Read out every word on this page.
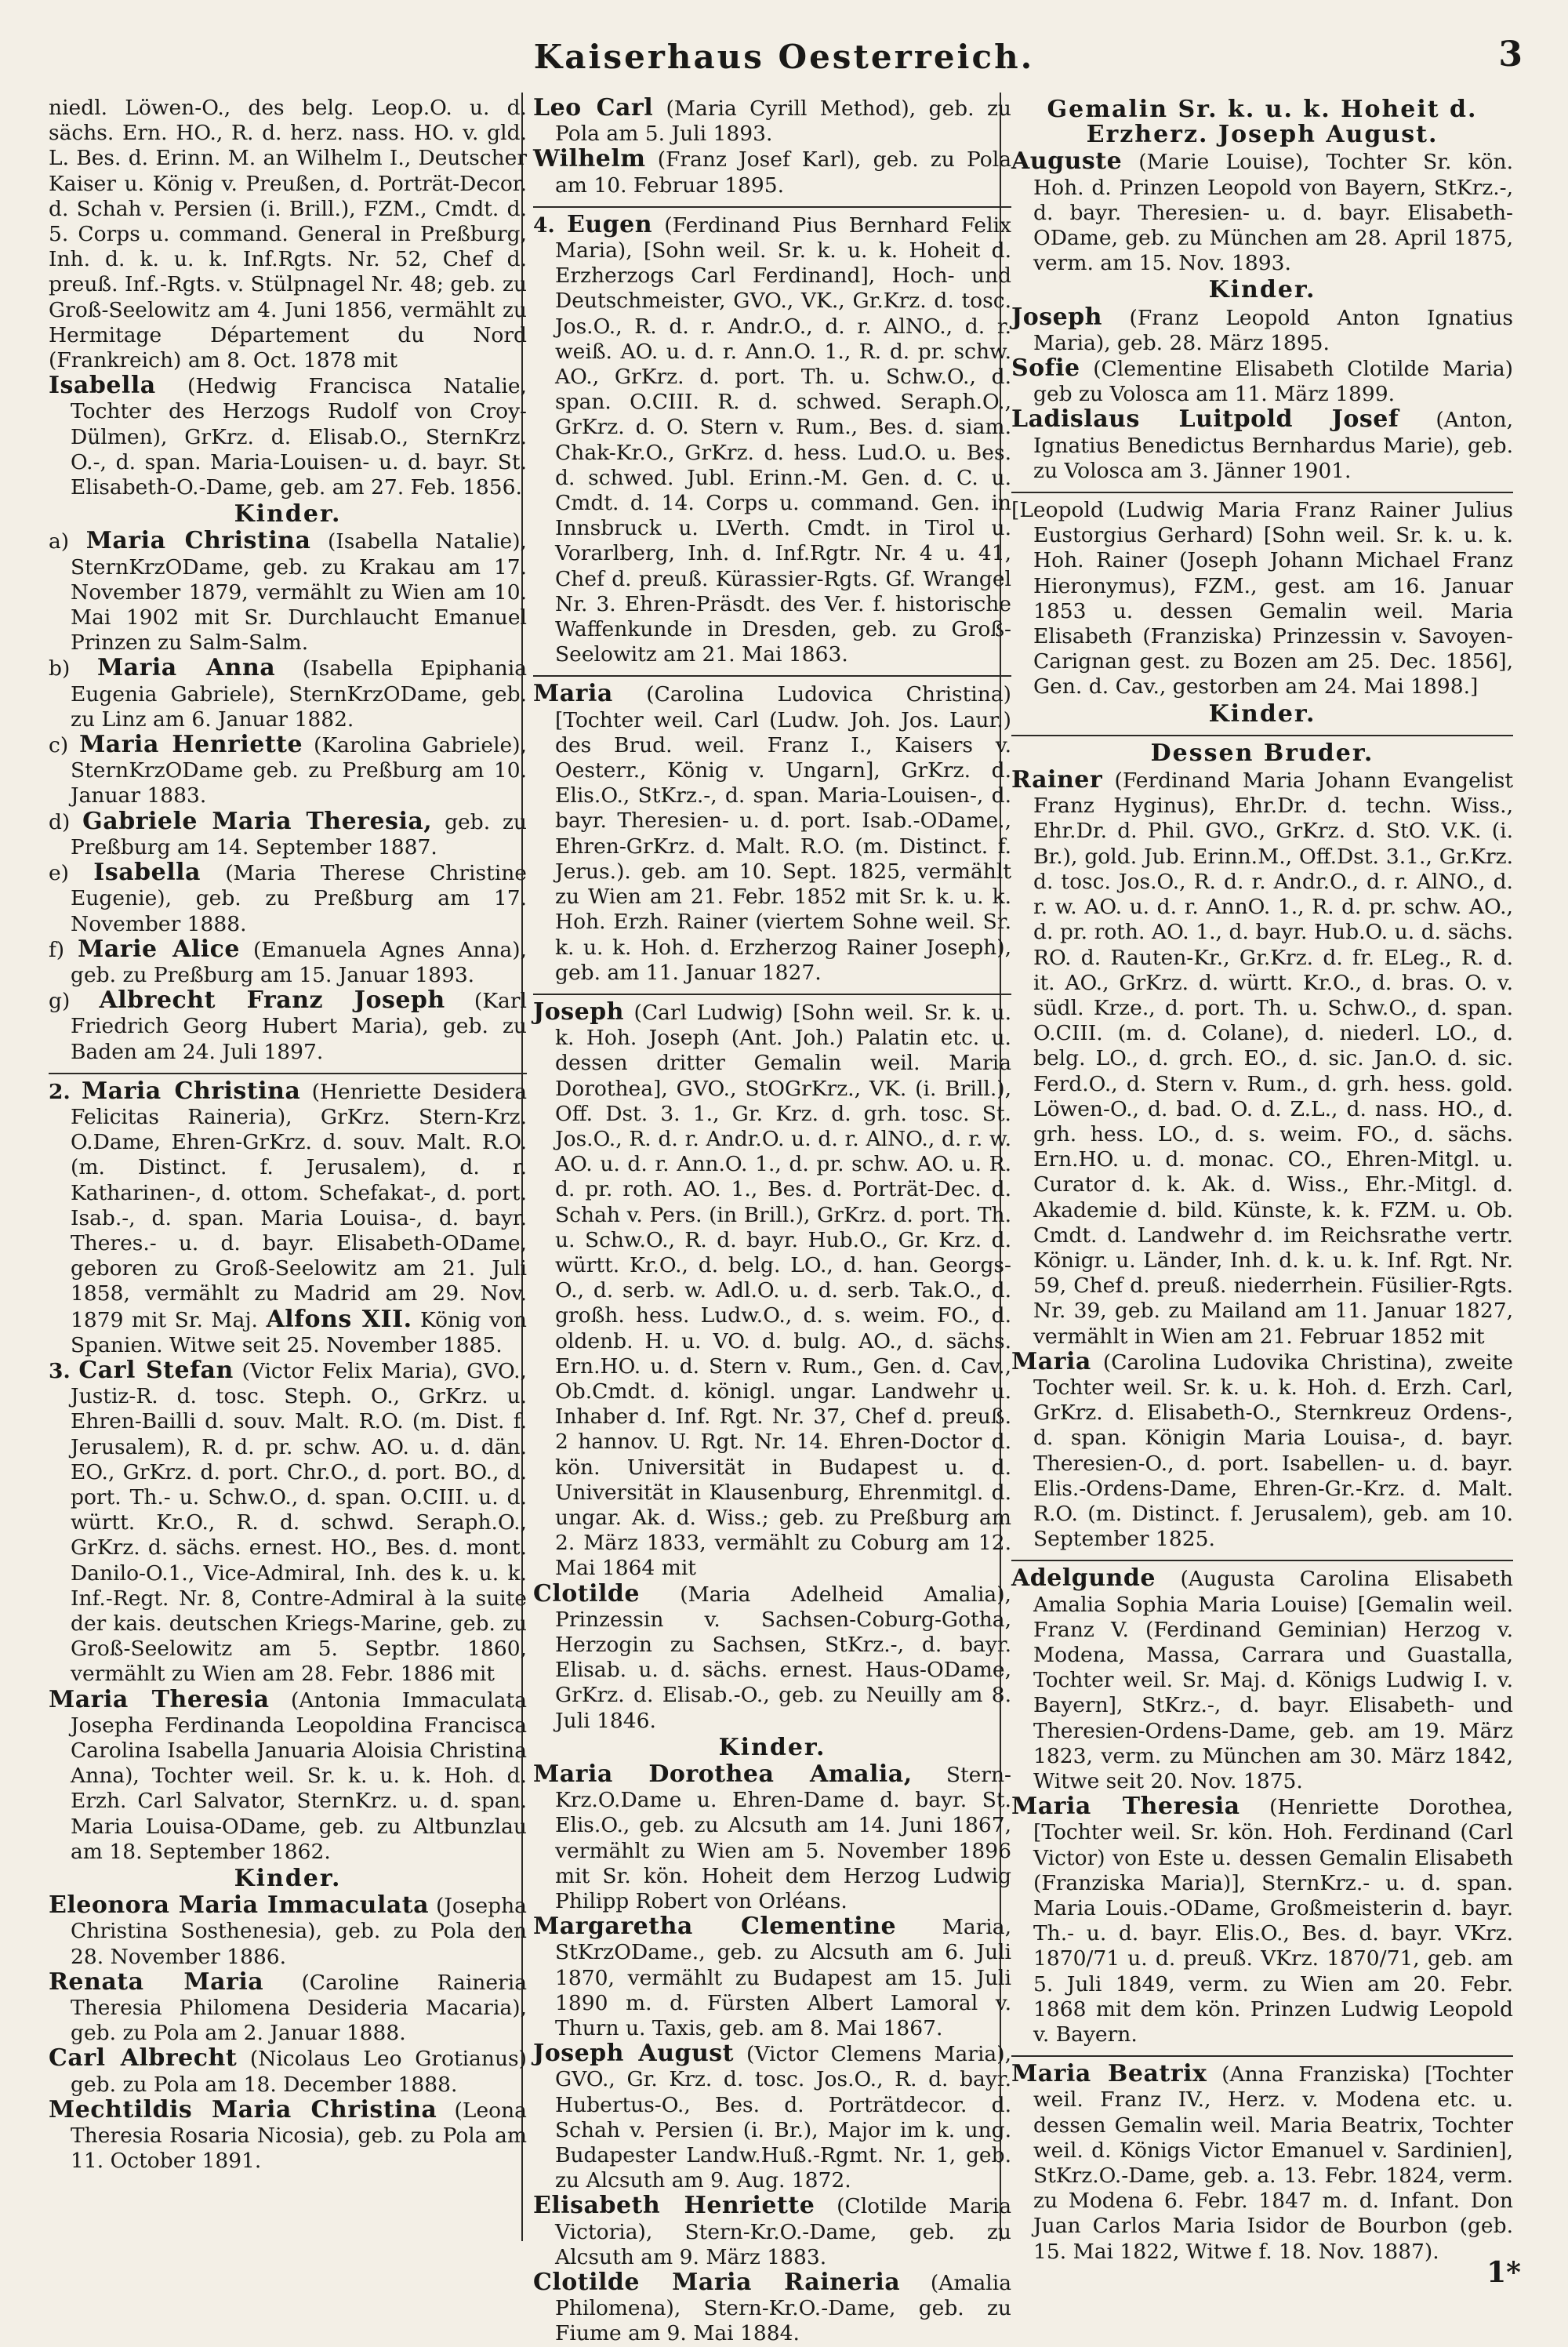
Kaiserhaus Oesterreich.	3

niedl. Löwen-O., des belg. Leop.O. u. d. sächs. Ern. HO., R. d. herz. nass. HO. v. gld. L. Bes. d. Erinn. M. an Wilhelm I., Deutscher Kaiser u. König v. Preußen, d. Porträt-Decor. d. Schah v. Persien (i. Brill.), FZM., Cmdt. d. 5. Corps u. command. General in Preßburg, Inh. d. k. u. k. Inf.Rgts. Nr. 52, Chef d. preuß. Inf.-Rgts. v. Stülpnagel Nr. 48; geb. zu Groß-Seelowitz am 4. Juni 1856, vermählt zu Hermitage Département du Nord (Frankreich) am 8. Oct. 1878 mit

Isabella (Hedwig Francisca Natalie, Tochter des Herzogs Rudolf von Croy-Dülmen), GrKrz. d. Elisab.O., SternKrz. O.-, d. span. Maria-Louisen- u. d. bayr. St. Elisabeth-O.-Dame, geb. am 27. Feb. 1856.

Kinder.

a) Maria Christina (Isabella Natalie), SternKrzODame, geb. zu Krakau am 17. November 1879, vermählt zu Wien am 10. Mai 1902 mit Sr. Durchlaucht Emanuel Prinzen zu Salm-Salm.

b) Maria Anna (Isabella Epiphania Eugenia Gabriele), SternKrzODame, geb. zu Linz am 6. Januar 1882.

c) Maria Henriette (Karolina Gabriele), SternKrzODame geb. zu Preßburg am 10. Januar 1883.

d) Gabriele Maria Theresia, geb. zu Preßburg am 14. September 1887.

e) Isabella (Maria Therese Christine Eugenie), geb. zu Preßburg am 17. November 1888.

f) Marie Alice (Emanuela Agnes Anna), geb. zu Preßburg am 15. Januar 1893.

g) Albrecht Franz Joseph (Karl Friedrich Georg Hubert Maria), geb. zu Baden am 24. Juli 1897.

2. Maria Christina (Henriette Desidera Felicitas Raineria), GrKrz. Stern-Krz. O.Dame, Ehren-GrKrz. d. souv. Malt. R.O. (m. Distinct. f. Jerusalem), d. r. Katharinen-, d. ottom. Schefakat-, d. port. Isab.-, d. span. Maria Louisa-, d. bayr. Theres.- u. d. bayr. Elisabeth-ODame, geboren zu Groß-Seelowitz am 21. Juli 1858, vermählt zu Madrid am 29. Nov. 1879 mit Sr. Maj. Alfons XII. König von Spanien. Witwe seit 25. November 1885.

3. Carl Stefan (Victor Felix Maria), GVO., Justiz-R. d. tosc. Steph. O., GrKrz. u. Ehren-Bailli d. souv. Malt. R.O. (m. Dist. f. Jerusalem), R. d. pr. schw. AO. u. d. dän. EO., GrKrz. d. port. Chr.O., d. port. BO., d. port. Th.- u. Schw.O., d. span. O.CIII. u. d. württ. Kr.O., R. d. schwd. Seraph.O., GrKrz. d. sächs. ernest. HO., Bes. d. mont. Danilo-O.1., Vice-Admiral, Inh. des k. u. k. Inf.-Regt. Nr. 8, Contre-Admiral à la suite der kais. deutschen Kriegs-Marine, geb. zu Groß-Seelowitz am 5. Septbr. 1860, vermählt zu Wien am 28. Febr. 1886 mit

Maria Theresia (Antonia Immaculata Josepha Ferdinanda Leopoldina Francisca Carolina Isabella Januaria Aloisia Christina Anna), Tochter weil. Sr. k. u. k. Hoh. d. Erzh. Carl Salvator, SternKrz. u. d. span. Maria Louisa-ODame, geb. zu Altbunzlau am 18. September 1862.

Kinder.

Eleonora Maria Immaculata (Josepha Christina Sosthenesia), geb. zu Pola den 28. November 1886.

Renata Maria (Caroline Raineria Theresia Philomena Desideria Macaria), geb. zu Pola am 2. Januar 1888.

Carl Albrecht (Nicolaus Leo Grotianus) geb. zu Pola am 18. December 1888.

Mechtildis Maria Christina (Leona Theresia Rosaria Nicosia), geb. zu Pola am 11. October 1891.

Leo Carl (Maria Cyrill Method), geb. zu Pola am 5. Juli 1893.

Wilhelm (Franz Josef Karl), geb. zu Pola am 10. Februar 1895.

4. Eugen (Ferdinand Pius Bernhard Felix Maria), [Sohn weil. Sr. k. u. k. Hoheit d. Erzherzogs Carl Ferdinand], Hoch- und Deutschmeister, GVO., VK., Gr.Krz. d. tosc. Jos.O., R. d. r. Andr.O., d. r. AlNO., d. r. weiß. AO. u. d. r. Ann.O. 1., R. d. pr. schw. AO., GrKrz. d. port. Th. u. Schw.O., d. span. O.CIII. R. d. schwed. Seraph.O., GrKrz. d. O. Stern v. Rum., Bes. d. siam. Chak-Kr.O., GrKrz. d. hess. Lud.O. u. Bes. d. schwed. Jubl. Erinn.-M. Gen. d. C. u. Cmdt. d. 14. Corps u. command. Gen. in Innsbruck u. LVerth. Cmdt. in Tirol u. Vorarlberg, Inh. d. Inf.Rgtr. Nr. 4 u. 41, Chef d. preuß. Kürassier-Rgts. Gf. Wrangel Nr. 3. Ehren-Präsdt. des Ver. f. historische Waffenkunde in Dresden, geb. zu Groß-Seelowitz am 21. Mai 1863.

Maria (Carolina Ludovica Christina) [Tochter weil. Carl (Ludw. Joh. Jos. Laur.) des Brud. weil. Franz I., Kaisers v. Oesterr., König v. Ungarn], GrKrz. d. Elis.O., StKrz.-, d. span. Maria-Louisen-, d. bayr. Theresien- u. d. port. Isab.-ODame., Ehren-GrKrz. d. Malt. R.O. (m. Distinct. f. Jerus.). geb. am 10. Sept. 1825, vermählt zu Wien am 21. Febr. 1852 mit Sr. k. u. k. Hoh. Erzh. Rainer (viertem Sohne weil. Sr. k. u. k. Hoh. d. Erzherzog Rainer Joseph), geb. am 11. Januar 1827.

Joseph (Carl Ludwig) [Sohn weil. Sr. k. u. k. Hoh. Joseph (Ant. Joh.) Palatin etc. u. dessen dritter Gemalin weil. Maria Dorothea], GVO., StOGrKrz., VK. (i. Brill.), Off. Dst. 3. 1., Gr. Krz. d. grh. tosc. St. Jos.O., R. d. r. Andr.O. u. d. r. AlNO., d. r. w. AO. u. d. r. Ann.O. 1., d. pr. schw. AO. u. R. d. pr. roth. AO. 1., Bes. d. Porträt-Dec. d. Schah v. Pers. (in Brill.), GrKrz. d. port. Th. u. Schw.O., R. d. bayr. Hub.O., Gr. Krz. d. württ. Kr.O., d. belg. LO., d. han. Georgs-O., d. serb. w. Adl.O. u. d. serb. Tak.O., d. großh. hess. Ludw.O., d. s. weim. FO., d. oldenb. H. u. VO. d. bulg. AO., d. sächs. Ern.HO. u. d. Stern v. Rum., Gen. d. Cav., Ob.Cmdt. d. königl. ungar. Landwehr u. Inhaber d. Inf. Rgt. Nr. 37, Chef d. preuß. 2 hannov. U. Rgt. Nr. 14. Ehren-Doctor d. kön. Universität in Budapest u. d. Universität in Klausenburg, Ehrenmitgl. d. ungar. Ak. d. Wiss.; geb. zu Preßburg am 2. März 1833, vermählt zu Coburg am 12. Mai 1864 mit

Clotilde (Maria Adelheid Amalia), Prinzessin v. Sachsen-Coburg-Gotha, Herzogin zu Sachsen, StKrz.-, d. bayr. Elisab. u. d. sächs. ernest. Haus-ODame, GrKrz. d. Elisab.-O., geb. zu Neuilly am 8. Juli 1846.

Kinder.

Maria Dorothea Amalia, Stern-Krz.O.Dame u. Ehren-Dame d. bayr. St. Elis.O., geb. zu Alcsuth am 14. Juni 1867, vermählt zu Wien am 5. November 1896 mit Sr. kön. Hoheit dem Herzog Ludwig Philipp Robert von Orléans.

Margaretha Clementine Maria, StKrzODame., geb. zu Alcsuth am 6. Juli 1870, vermählt zu Budapest am 15. Juli 1890 m. d. Fürsten Albert Lamoral v. Thurn u. Taxis, geb. am 8. Mai 1867.

Joseph August (Victor Clemens Maria), GVO., Gr. Krz. d. tosc. Jos.O., R. d. bayr. Hubertus-O., Bes. d. Porträtdecor. d. Schah v. Persien (i. Br.), Major im k. ung. Budapester Landw.Huß.-Rgmt. Nr. 1, geb. zu Alcsuth am 9. Aug. 1872.

Elisabeth Henriette (Clotilde Maria Victoria), Stern-Kr.O.-Dame, geb. zu Alcsuth am 9. März 1883.

Clotilde Maria Raineria (Amalia Philomena), Stern-Kr.O.-Dame, geb. zu Fiume am 9. Mai 1884.

Gemalin Sr. k. u. k. Hoheit d. Erzherz. Joseph August.

Auguste (Marie Louise), Tochter Sr. kön. Hoh. d. Prinzen Leopold von Bayern, StKrz.-, d. bayr. Theresien- u. d. bayr. Elisabeth-ODame, geb. zu München am 28. April 1875, verm. am 15. Nov. 1893.

Kinder.

Joseph (Franz Leopold Anton Ignatius Maria), geb. 28. März 1895.

Sofie (Clementine Elisabeth Clotilde Maria) geb zu Volosca am 11. März 1899.

Ladislaus Luitpold Josef (Anton, Ignatius Benedictus Bernhardus Marie), geb. zu Volosca am 3. Jänner 1901.

[Leopold (Ludwig Maria Franz Rainer Julius Eustorgius Gerhard) [Sohn weil. Sr. k. u. k. Hoh. Rainer (Joseph Johann Michael Franz Hieronymus), FZM., gest. am 16. Januar 1853 u. dessen Gemalin weil. Maria Elisabeth (Franziska) Prinzessin v. Savoyen-Carignan gest. zu Bozen am 25. Dec. 1856], Gen. d. Cav., gestorben am 24. Mai 1898.]

Kinder.
Dessen Bruder.

Rainer (Ferdinand Maria Johann Evangelist Franz Hyginus), Ehr.Dr. d. techn. Wiss., Ehr.Dr. d. Phil. GVO., GrKrz. d. StO. V.K. (i. Br.), gold. Jub. Erinn.M., Off.Dst. 3.1., Gr.Krz. d. tosc. Jos.O., R. d. r. Andr.O., d. r. AlNO., d. r. w. AO. u. d. r. AnnO. 1., R. d. pr. schw. AO., d. pr. roth. AO. 1., d. bayr. Hub.O. u. d. sächs. RO. d. Rauten-Kr., Gr.Krz. d. fr. ELeg., R. d. it. AO., GrKrz. d. württ. Kr.O., d. bras. O. v. südl. Krze., d. port. Th. u. Schw.O., d. span. O.CIII. (m. d. Colane), d. niederl. LO., d. belg. LO., d. grch. EO., d. sic. Jan.O. d. sic. Ferd.O., d. Stern v. Rum., d. grh. hess. gold. Löwen-O., d. bad. O. d. Z.L., d. nass. HO., d. grh. hess. LO., d. s. weim. FO., d. sächs. Ern.HO. u. d. monac. CO., Ehren-Mitgl. u. Curator d. k. Ak. d. Wiss., Ehr.-Mitgl. d. Akademie d. bild. Künste, k. k. FZM. u. Ob. Cmdt. d. Landwehr d. im Reichsrathe vertr. Königr. u. Länder, Inh. d. k. u. k. Inf. Rgt. Nr. 59, Chef d. preuß. niederrhein. Füsilier-Rgts. Nr. 39, geb. zu Mailand am 11. Januar 1827, vermählt in Wien am 21. Februar 1852 mit

Maria (Carolina Ludovika Christina), zweite Tochter weil. Sr. k. u. k. Hoh. d. Erzh. Carl, GrKrz. d. Elisabeth-O., Sternkreuz Ordens-, d. span. Königin Maria Louisa-, d. bayr. Theresien-O., d. port. Isabellen- u. d. bayr. Elis.-Ordens-Dame, Ehren-Gr.-Krz. d. Malt. R.O. (m. Distinct. f. Jerusalem), geb. am 10. September 1825.

Adelgunde (Augusta Carolina Elisabeth Amalia Sophia Maria Louise) [Gemalin weil. Franz V. (Ferdinand Geminian) Herzog v. Modena, Massa, Carrara und Guastalla, Tochter weil. Sr. Maj. d. Königs Ludwig I. v. Bayern], StKrz.-, d. bayr. Elisabeth- und Theresien-Ordens-Dame, geb. am 19. März 1823, verm. zu München am 30. März 1842, Witwe seit 20. Nov. 1875.

Maria Theresia (Henriette Dorothea, [Tochter weil. Sr. kön. Hoh. Ferdinand (Carl Victor) von Este u. dessen Gemalin Elisabeth (Franziska Maria)], SternKrz.- u. d. span. Maria Louis.-ODame, Großmeisterin d. bayr. Th.- u. d. bayr. Elis.O., Bes. d. bayr. VKrz. 1870/71 u. d. preuß. VKrz. 1870/71, geb. am 5. Juli 1849, verm. zu Wien am 20. Febr. 1868 mit dem kön. Prinzen Ludwig Leopold v. Bayern.

Maria Beatrix (Anna Franziska) [Tochter weil. Franz IV., Herz. v. Modena etc. u. dessen Gemalin weil. Maria Beatrix, Tochter weil. d. Königs Victor Emanuel v. Sardinien], StKrz.O.-Dame, geb. a. 13. Febr. 1824, verm. zu Modena 6. Febr. 1847 m. d. Infant. Don Juan Carlos Maria Isidor de Bourbon (geb. 15. Mai 1822, Witwe f. 18. Nov. 1887).

1*
